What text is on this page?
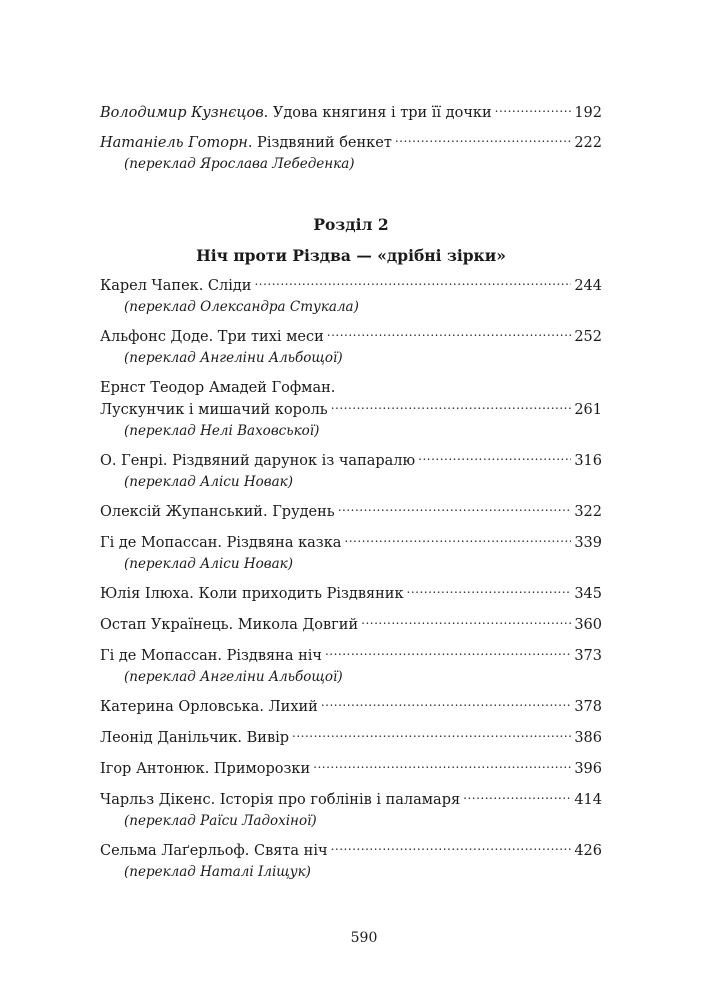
Володимир Кузнєцов . Удова княгиня і три її дочки .....	192
Натаніель Готорн . Різдвяний бенкет .....	222
(переклад Ярослава Лебеденка)
Розділ 2
Ніч проти Різдва — «дрібні зірки»
Карел Чапек. Сліди .....	244
(переклад Олександра Стукала)
Альфонс Доде. Три тихі меси .....	252
(переклад Ангеліни Альбощої)
Ернст Теодор Амадей Гофман.
Лускунчик і мишачий король .....	261
(переклад Нелі Ваховської)
О. Генрі. Різдвяний дарунок із чапаралю .....	316
(переклад Аліси Новак)
Олексій Жупанський. Грудень .....	322
Гі де Мопассан. Різдвяна казка .....	339
(переклад Аліси Новак)
Юлія Ілюха. Коли приходить Різдвяник .....	345
Остап Українець. Микола Довгий .....	360
Гі де Мопассан. Різдвяна ніч .....	373
(переклад Ангеліни Альбощої)
Катерина Орловська. Лихий .....	378
Леонід Данільчик. Вивір .....	386
Ігор Антонюк. Приморозки .....	396
Чарльз Дікенс. Історія про гоблінів і паламаря .....	414
(переклад Раїси Ладохіної)
Сельма Лаґерльоф. Свята ніч .....	426
(переклад Наталі Іліщук)
590
